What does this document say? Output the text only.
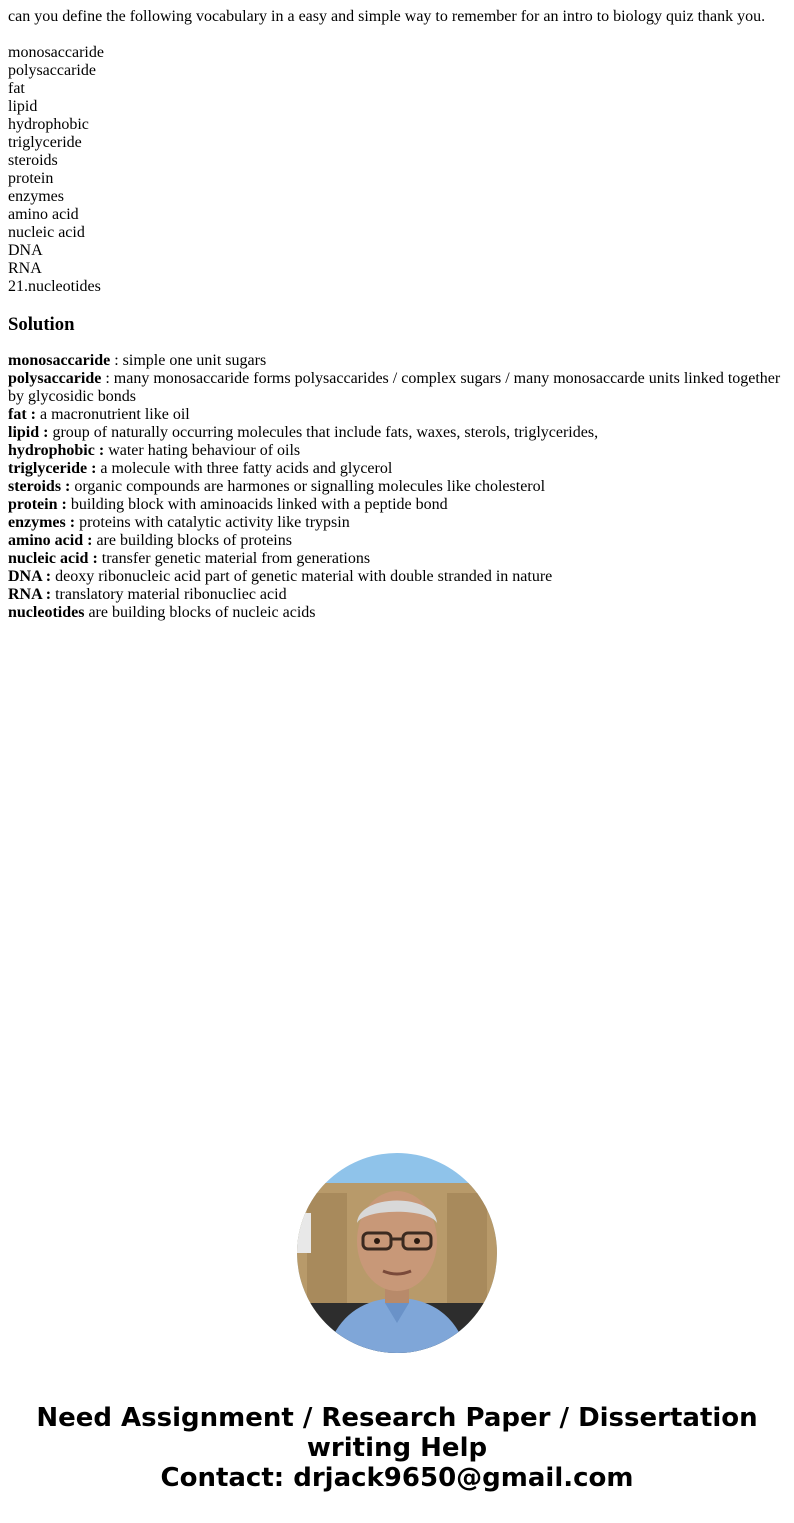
can you define the following vocabulary in a easy and simple way to remember for an intro to biology quiz thank you.

monosaccaride
polysaccaride
fat
lipid
hydrophobic
triglyceride
steroids
protein
enzymes
amino acid
nucleic acid
DNA
RNA
21.nucleotides
Solution
monosaccaride : simple one unit sugars
polysaccaride : many monosaccaride forms polysaccarides / complex sugars / many monosaccarde units linked together by glycosidic bonds
fat : a macronutrient like oil
lipid : group of naturally occurring molecules that include fats, waxes, sterols, triglycerides,
hydrophobic : water hating behaviour of oils
triglyceride : a molecule with three fatty acids and glycerol
steroids : organic compounds are harmones or signalling molecules like cholesterol
protein : building block with aminoacids linked with a peptide bond
enzymes : proteins with catalytic activity like trypsin
amino acid : are building blocks of proteins
nucleic acid : transfer genetic material from generations
DNA : deoxy ribonucleic acid part of genetic material with double stranded in nature
RNA : translatory material ribonucliec acid
nucleotides are building blocks of nucleic acids
Need Assignment / Research Paper / Dissertation
writing Help
Contact: drjack9650@gmail.com
